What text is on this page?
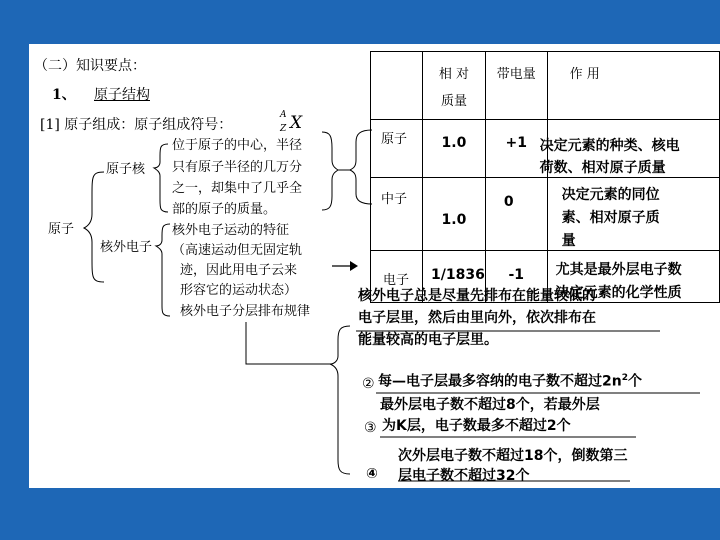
（二）知识要点：
1、 原子结构
[1] 原子组成：原子组成符号：
A
Z X
原子
原子核
核外电子
位于原子的中心，半径
只有原子半径的几万分
之一，却集中了几乎全
部的原子的质量。
核外电子运动的特征
（高速运动但无固定轨
迹，因此用电子云来
形容它的运动状态）
核外电子分层排布规律

	相 对
质量	带电量	作 用

原子	1.0	+1	决定元素的种类、核电
荷数、相对原子质量

中子	1.0	0	决定元素的同位
素、相对原子质
量

电子	1/1836	-1	尤其是最外层电子数
决定元素的化学性质
核外电子总是尽量先排布在能量较低的
电子层里，然后由里向外，依次排布在
能量较高的电子层里。
② 每—电子层最多容纳的电子数不超过$2n^2$个
最外层电子数不超过8个，若最外层
③ 为K层，电子数最多不超过2个
次外层电子数不超过18个，倒数第三
④ 层电子数不超过32个
